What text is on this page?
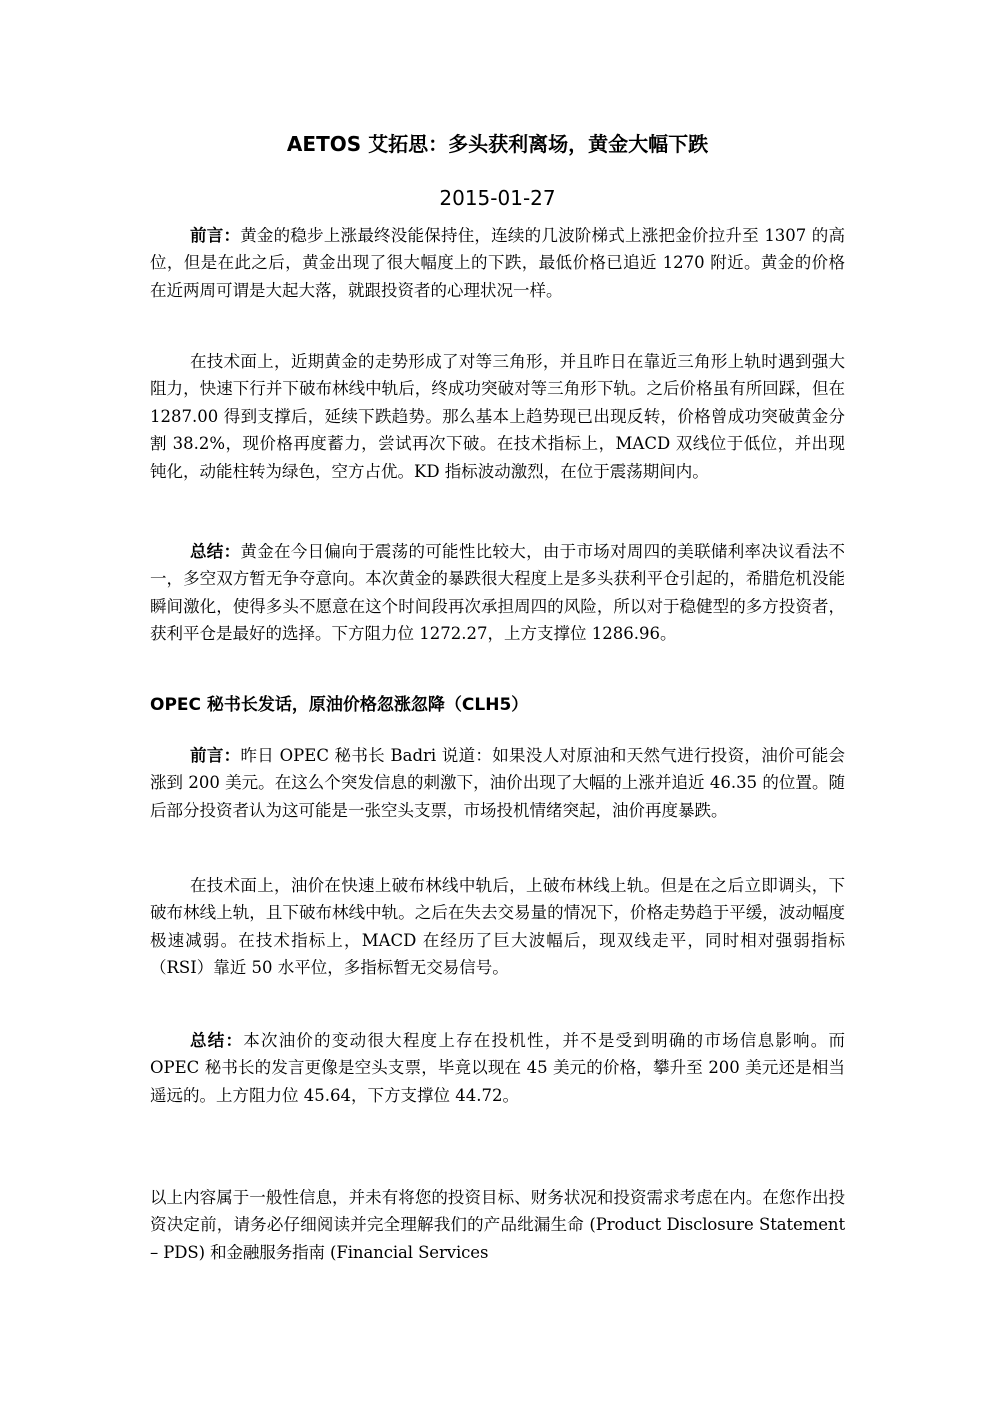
AETOS 艾拓思：多头获利离场，黄金大幅下跌
2015-01-27

前言：黄金的稳步上涨最终没能保持住，连续的几波阶梯式上涨把金价拉升至 1307 的高位，但是在此之后，黄金出现了很大幅度上的下跌，最低价格已追近 1270 附近。黄金的价格在近两周可谓是大起大落，就跟投资者的心理状况一样。

在技术面上，近期黄金的走势形成了对等三角形，并且昨日在靠近三角形上轨时遇到强大阻力，快速下行并下破布林线中轨后，终成功突破对等三角形下轨。之后价格虽有所回踩，但在 1287.00 得到支撑后，延续下跌趋势。那么基本上趋势现已出现反转，价格曾成功突破黄金分割 38.2%，现价格再度蓄力，尝试再次下破。在技术指标上，MACD 双线位于低位，并出现钝化，动能柱转为绿色，空方占优。KD 指标波动激烈，在位于震荡期间内。

总结：黄金在今日偏向于震荡的可能性比较大，由于市场对周四的美联储利率决议看法不一，多空双方暂无争夺意向。本次黄金的暴跌很大程度上是多头获利平仓引起的，希腊危机没能瞬间激化，使得多头不愿意在这个时间段再次承担周四的风险，所以对于稳健型的多方投资者，获利平仓是最好的选择。下方阻力位 1272.27，上方支撑位 1286.96。

OPEC 秘书长发话，原油价格忽涨忽降（CLH5）

前言：昨日 OPEC 秘书长 Badri 说道：如果没人对原油和天然气进行投资，油价可能会涨到 200 美元。在这么个突发信息的刺激下，油价出现了大幅的上涨并追近 46.35 的位置。随后部分投资者认为这可能是一张空头支票，市场投机情绪突起，油价再度暴跌。

在技术面上，油价在快速上破布林线中轨后，上破布林线上轨。但是在之后立即调头，下破布林线上轨，且下破布林线中轨。之后在失去交易量的情况下，价格走势趋于平缓，波动幅度极速减弱。在技术指标上，MACD 在经历了巨大波幅后，现双线走平，同时相对强弱指标（RSI）靠近 50 水平位，多指标暂无交易信号。

总结：本次油价的变动很大程度上存在投机性，并不是受到明确的市场信息影响。而 OPEC 秘书长的发言更像是空头支票，毕竟以现在 45 美元的价格，攀升至 200 美元还是相当遥远的。上方阻力位 45.64，下方支撑位 44.72。

以上内容属于一般性信息，并未有将您的投资目标、财务状况和投资需求考虑在内。在您作出投资决定前，请务必仔细阅读并完全理解我们的产品纰漏生命 (Product Disclosure Statement – PDS) 和金融服务指南 (Financial Services
